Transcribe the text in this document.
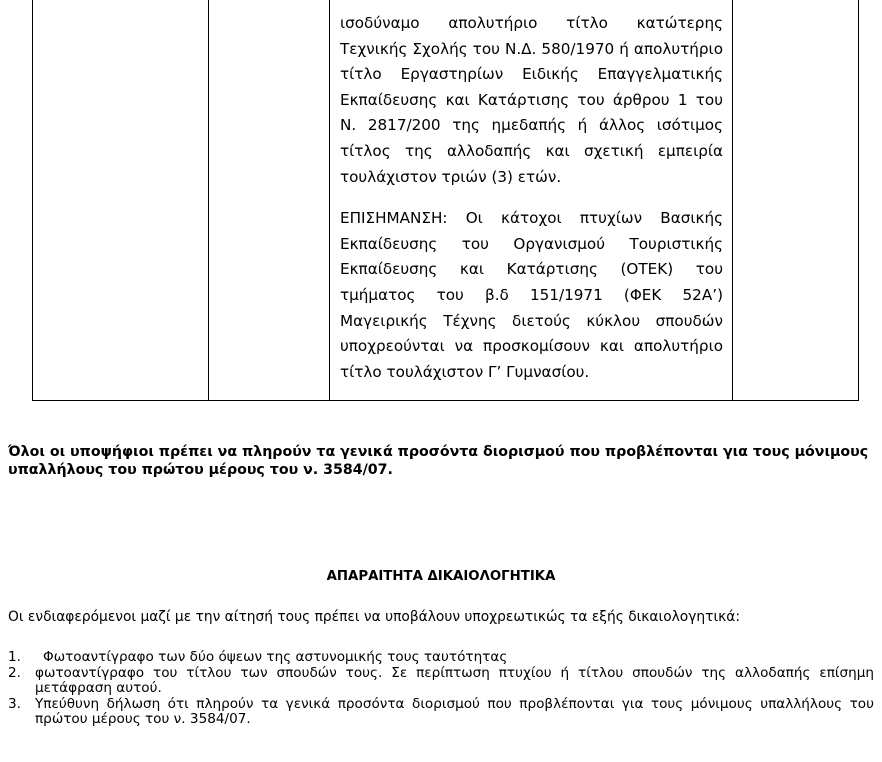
ισοδύναμο απολυτήριο τίτλο κατώτερης Τεχνικής Σχολής του Ν.Δ. 580/1970 ή απολυτήριο τίτλο Εργαστηρίων Ειδικής Επαγγελματικής Εκπαίδευσης και Κατάρτισης του άρθρου 1 του Ν. 2817/200 της ημεδαπής ή άλλος ισότιμος τίτλος της αλλοδαπής και σχετική εμπειρία τουλάχιστον τριών (3) ετών.

ΕΠΙΣΗΜΑΝΣΗ: Οι κάτοχοι πτυχίων Βασικής Εκπαίδευσης του Οργανισμού Τουριστικής Εκπαίδευσης και Κατάρτισης (ΟΤΕΚ) του τμήματος του β.δ 151/1971 (ΦΕΚ 52Α’) Μαγειρικής Τέχνης διετούς κύκλου σπουδών υποχρεούνται να προσκομίσουν και απολυτήριο τίτλο τουλάχιστον Γ’ Γυμνασίου.

Όλοι οι υποψήφιοι πρέπει να πληρούν τα γενικά προσόντα διορισμού που προβλέπονται για τους μόνιμους υπαλλήλους του πρώτου μέρους του ν. 3584/07.

ΑΠΑΡΑΙΤΗΤΑ ΔΙΚΑΙΟΛΟΓΗΤΙΚΑ

Οι ενδιαφερόμενοι μαζί με την αίτησή τους πρέπει να υποβάλουν υποχρεωτικώς τα εξής δικαιολογητικά:

1. Φωτοαντίγραφο των δύο όψεων της αστυνομικής τους ταυτότητας
2. φωτοαντίγραφο του τίτλου των σπουδών τους. Σε περίπτωση πτυχίου ή τίτλου σπουδών της αλλοδαπής επίσημη μετάφραση αυτού.
3. Υπεύθυνη δήλωση ότι πληρούν τα γενικά προσόντα διορισμού που προβλέπονται για τους μόνιμους υπαλλήλους του πρώτου μέρους του ν. 3584/07.
